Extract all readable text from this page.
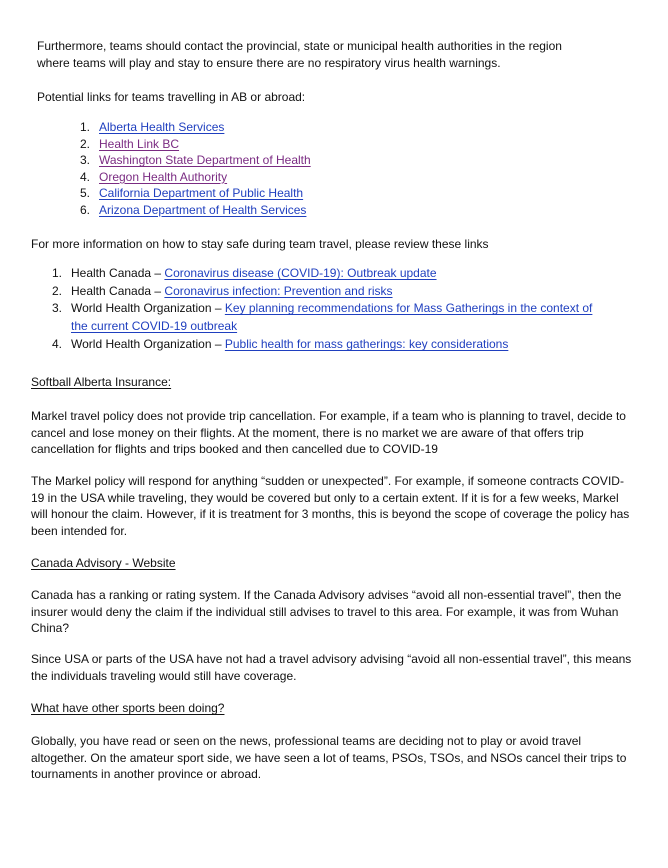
Furthermore, teams should contact the provincial, state or municipal health authorities in the region where teams will play and stay to ensure there are no respiratory virus health warnings.

Potential links for teams travelling in AB or abroad:

1. Alberta Health Services
2. Health Link BC
3. Washington State Department of Health
4. Oregon Health Authority
5. California Department of Public Health
6. Arizona Department of Health Services

For more information on how to stay safe during team travel, please review these links

1. Health Canada – Coronavirus disease (COVID-19): Outbreak update
2. Health Canada – Coronavirus infection: Prevention and risks
3. World Health Organization – Key planning recommendations for Mass Gatherings in the context of the current COVID-19 outbreak
4. World Health Organization – Public health for mass gatherings: key considerations

Softball Alberta Insurance:

Markel travel policy does not provide trip cancellation. For example, if a team who is planning to travel, decide to cancel and lose money on their flights. At the moment, there is no market we are aware of that offers trip cancellation for flights and trips booked and then cancelled due to COVID-19

The Markel policy will respond for anything “sudden or unexpected”. For example, if someone contracts COVID-19 in the USA while traveling, they would be covered but only to a certain extent. If it is for a few weeks, Markel will honour the claim. However, if it is treatment for 3 months, this is beyond the scope of coverage the policy has been intended for.

Canada Advisory - Website

Canada has a ranking or rating system. If the Canada Advisory advises “avoid all non-essential travel”, then the insurer would deny the claim if the individual still advises to travel to this area. For example, it was from Wuhan China?

Since USA or parts of the USA have not had a travel advisory advising “avoid all non-essential travel”, this means the individuals traveling would still have coverage.

What have other sports been doing?

Globally, you have read or seen on the news, professional teams are deciding not to play or avoid travel altogether. On the amateur sport side, we have seen a lot of teams, PSOs, TSOs, and NSOs cancel their trips to tournaments in another province or abroad.
